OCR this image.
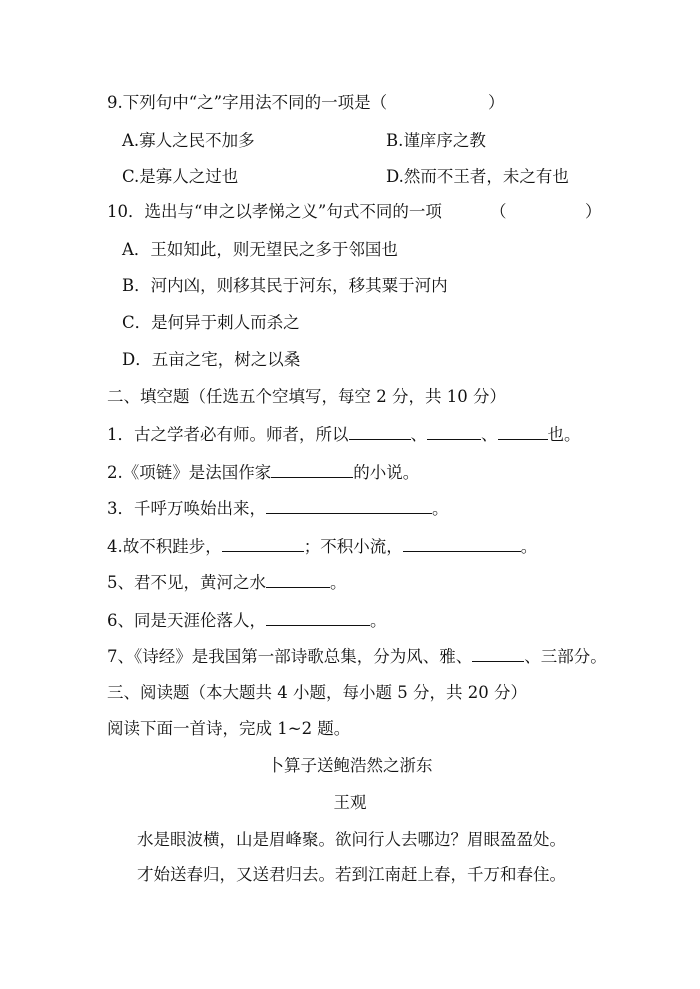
9.下列句中“之”字用法不同的一项是（	）
A.寡人之民不加多	B.谨庠序之教
C.是寡人之过也	D.然而不王者，未之有也
10．选出与“申之以孝悌之义”句式不同的一项	（	）
A．王如知此，则无望民之多于邻国也
B．河内凶，则移其民于河东，移其粟于河内
C．是何异于刺人而杀之
D．五亩之宅，树之以桑
二、填空题（任选五个空填写，每空 2 分，共 10 分）
1．古之学者必有师。师者，所以	、	、	也。
2.《项链》是法国作家	的小说。
3．千呼万唤始出来，	。
4.故不积跬步，	；不积小流，	。
5、君不见，黄河之水	。
6、同是天涯伦落人，	。
7、《诗经》是我国第一部诗歌总集，分为风、雅、	、三部分。
三、阅读题（本大题共 4 小题，每小题 5 分，共 20 分）
阅读下面一首诗，完成 1~2 题。
卜算子送鲍浩然之浙东
王观
水是眼波横，山是眉峰聚。欲问行人去哪边？眉眼盈盈处。
才始送春归，又送君归去。若到江南赶上春，千万和春住。
